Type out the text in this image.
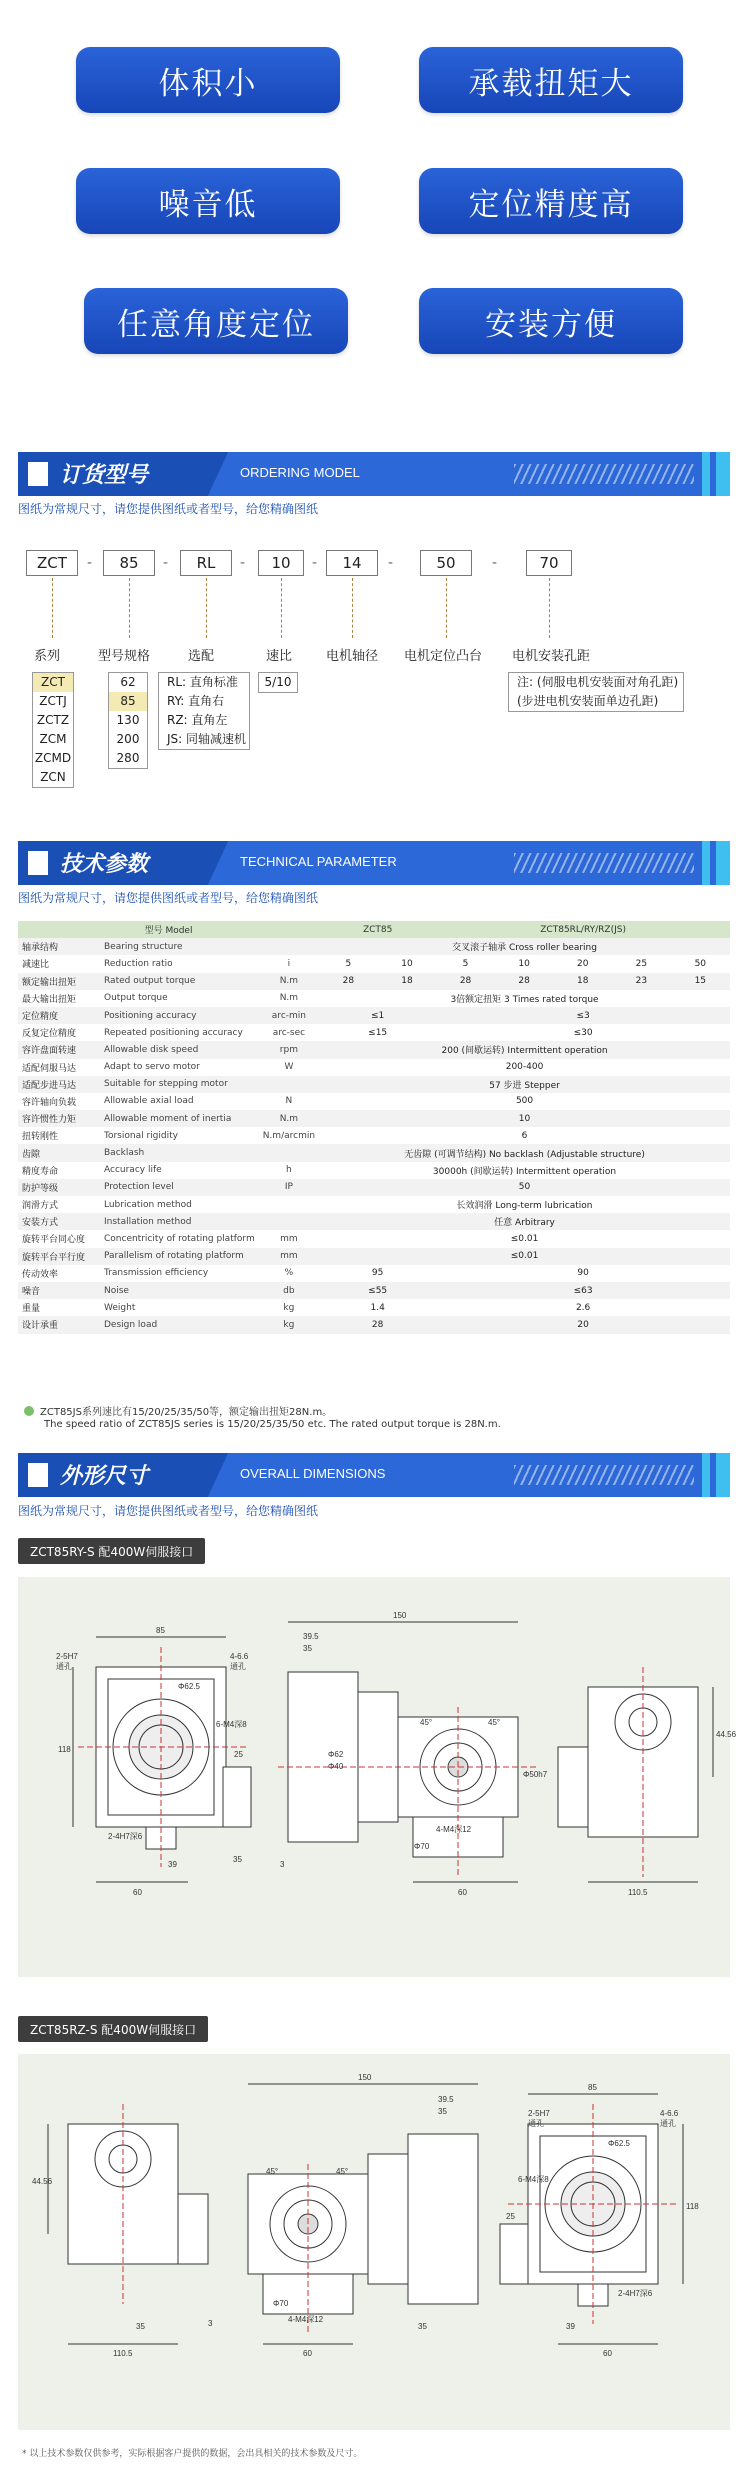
体积小	承载扭矩大
噪音低	定位精度高
任意角度定位	安装方便
订货型号	ORDERING MODEL
图纸为常规尺寸，请您提供图纸或者型号，给您精确图纸
ZCT	-	85	-	RL	-	10	-	14	-	50	-	70
系列	型号规格	选配	速比	电机轴径 电机定位凸台 电机安装孔距
ZCT
ZCTJ
ZCTZ
ZCM
ZCMD
ZCN
62
85
130
200
280
RL: 直角标准
RY: 直角右
RZ: 直角左
JS: 同轴减速机
5/10	注: (伺服电机安装面对角孔距)
(步进电机安装面单边孔距)
技术参数	TECHNICAL PARAMETER
图纸为常规尺寸，请您提供图纸或者型号，给您精确图纸
型号 Model			ZCT85		ZCT85RL/RY/RZ(JS)				
轴承结构	Bearing structure		交叉滚子轴承 Cross roller bearing						
减速比	Reduction ratio	i	5	10	5	10	20	25	50
额定输出扭矩	Rated output torque	N.m	28	18	28	28	18	23	15
最大输出扭矩	Output torque	N.m	3倍额定扭矩 3 Times rated torque						
定位精度	Positioning accuracy	arc-min	≤1		≤3				
反复定位精度	Repeated positioning accuracy	arc-sec	≤15		≤30				
容许盘面转速	Allowable disk speed	rpm	200 (间歇运转) Intermittent operation						
适配伺服马达	Adapt to servo motor	W	200-400						
适配步进马达	Suitable for stepping motor		57 步进 Stepper						
容许轴向负载	Allowable axial load	N	500						
容许惯性力矩	Allowable moment of inertia	N.m	10						
扭转刚性	Torsional rigidity	N.m/arcmin	6						
齿隙	Backlash		无齿隙 (可调节结构) No backlash (Adjustable structure)						
精度寿命	Accuracy life	h	30000h (间歇运转) Intermittent operation						
防护等级	Protection level	IP	50						
润滑方式	Lubrication method		长效润滑 Long-term lubrication						
安装方式	Installation method		任意 Arbitrary						
旋转平台同心度	Concentricity of rotating platform	mm	≤0.01						
旋转平台平行度	Parallelism of rotating platform	mm	≤0.01						
传动效率	Transmission efficiency	%	95		90				
噪音	Noise	db	≤55		≤63				
重量	Weight	kg	1.4		2.6				
设计承重	Design load	kg	28		20				
ZCT85JS系列速比有15/20/25/35/50等，额定输出扭矩28N.m。
The speed ratio of ZCT85JS series is 15/20/25/35/50 etc. The rated output torque is 28N.m.
外形尺寸	OVERALL DIMENSIONS
图纸为常规尺寸，请您提供图纸或者型号，给您精确图纸
ZCT85RY-S 配400W伺服接口
85
150
39.5
35
2-5H7
通孔
4-6.6
通孔
Φ62.5
6-M4深8
2-4H7深6
118
25
60
39
35
3
Φ70
4-M4深12
45°	45°
60	110.5
Φ62
Φ40
Φ50h7
44.56
ZCT85RZ-S 配400W伺服接口
150
39.5
35	2-5H7
通孔
4-6.6
通孔
Φ62.5
6-M4深8
2-4H7深6
85
118
25
110.5
35	3
60
Φ70
4-M4深12
45°	45°
35	39
60
44.56
* 以上技术参数仅供参考，实际根据客户提供的数据，会出具相关的技术参数及尺寸。
